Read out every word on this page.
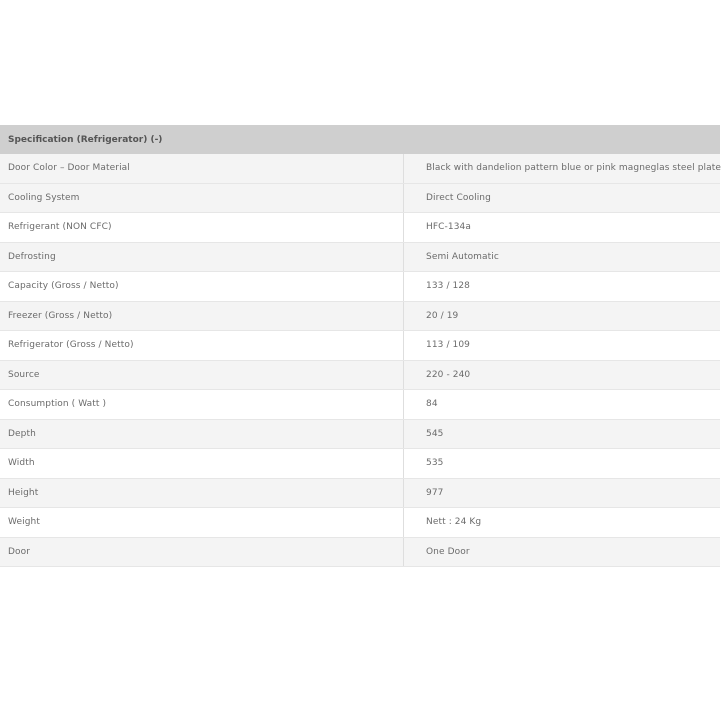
Specification (Refrigerator) (-)
Door Color – Door Material	Black with dandelion pattern blue or pink magneglas steel plate
Cooling System	Direct Cooling
Refrigerant (NON CFC)	HFC-134a
Defrosting	Semi Automatic
Capacity (Gross / Netto)	133 / 128
Freezer (Gross / Netto)	20 / 19
Refrigerator (Gross / Netto)	113 / 109
Source	220 - 240
Consumption ( Watt )	84
Depth	545
Width	535
Height	977
Weight	Nett : 24 Kg
Door	One Door
